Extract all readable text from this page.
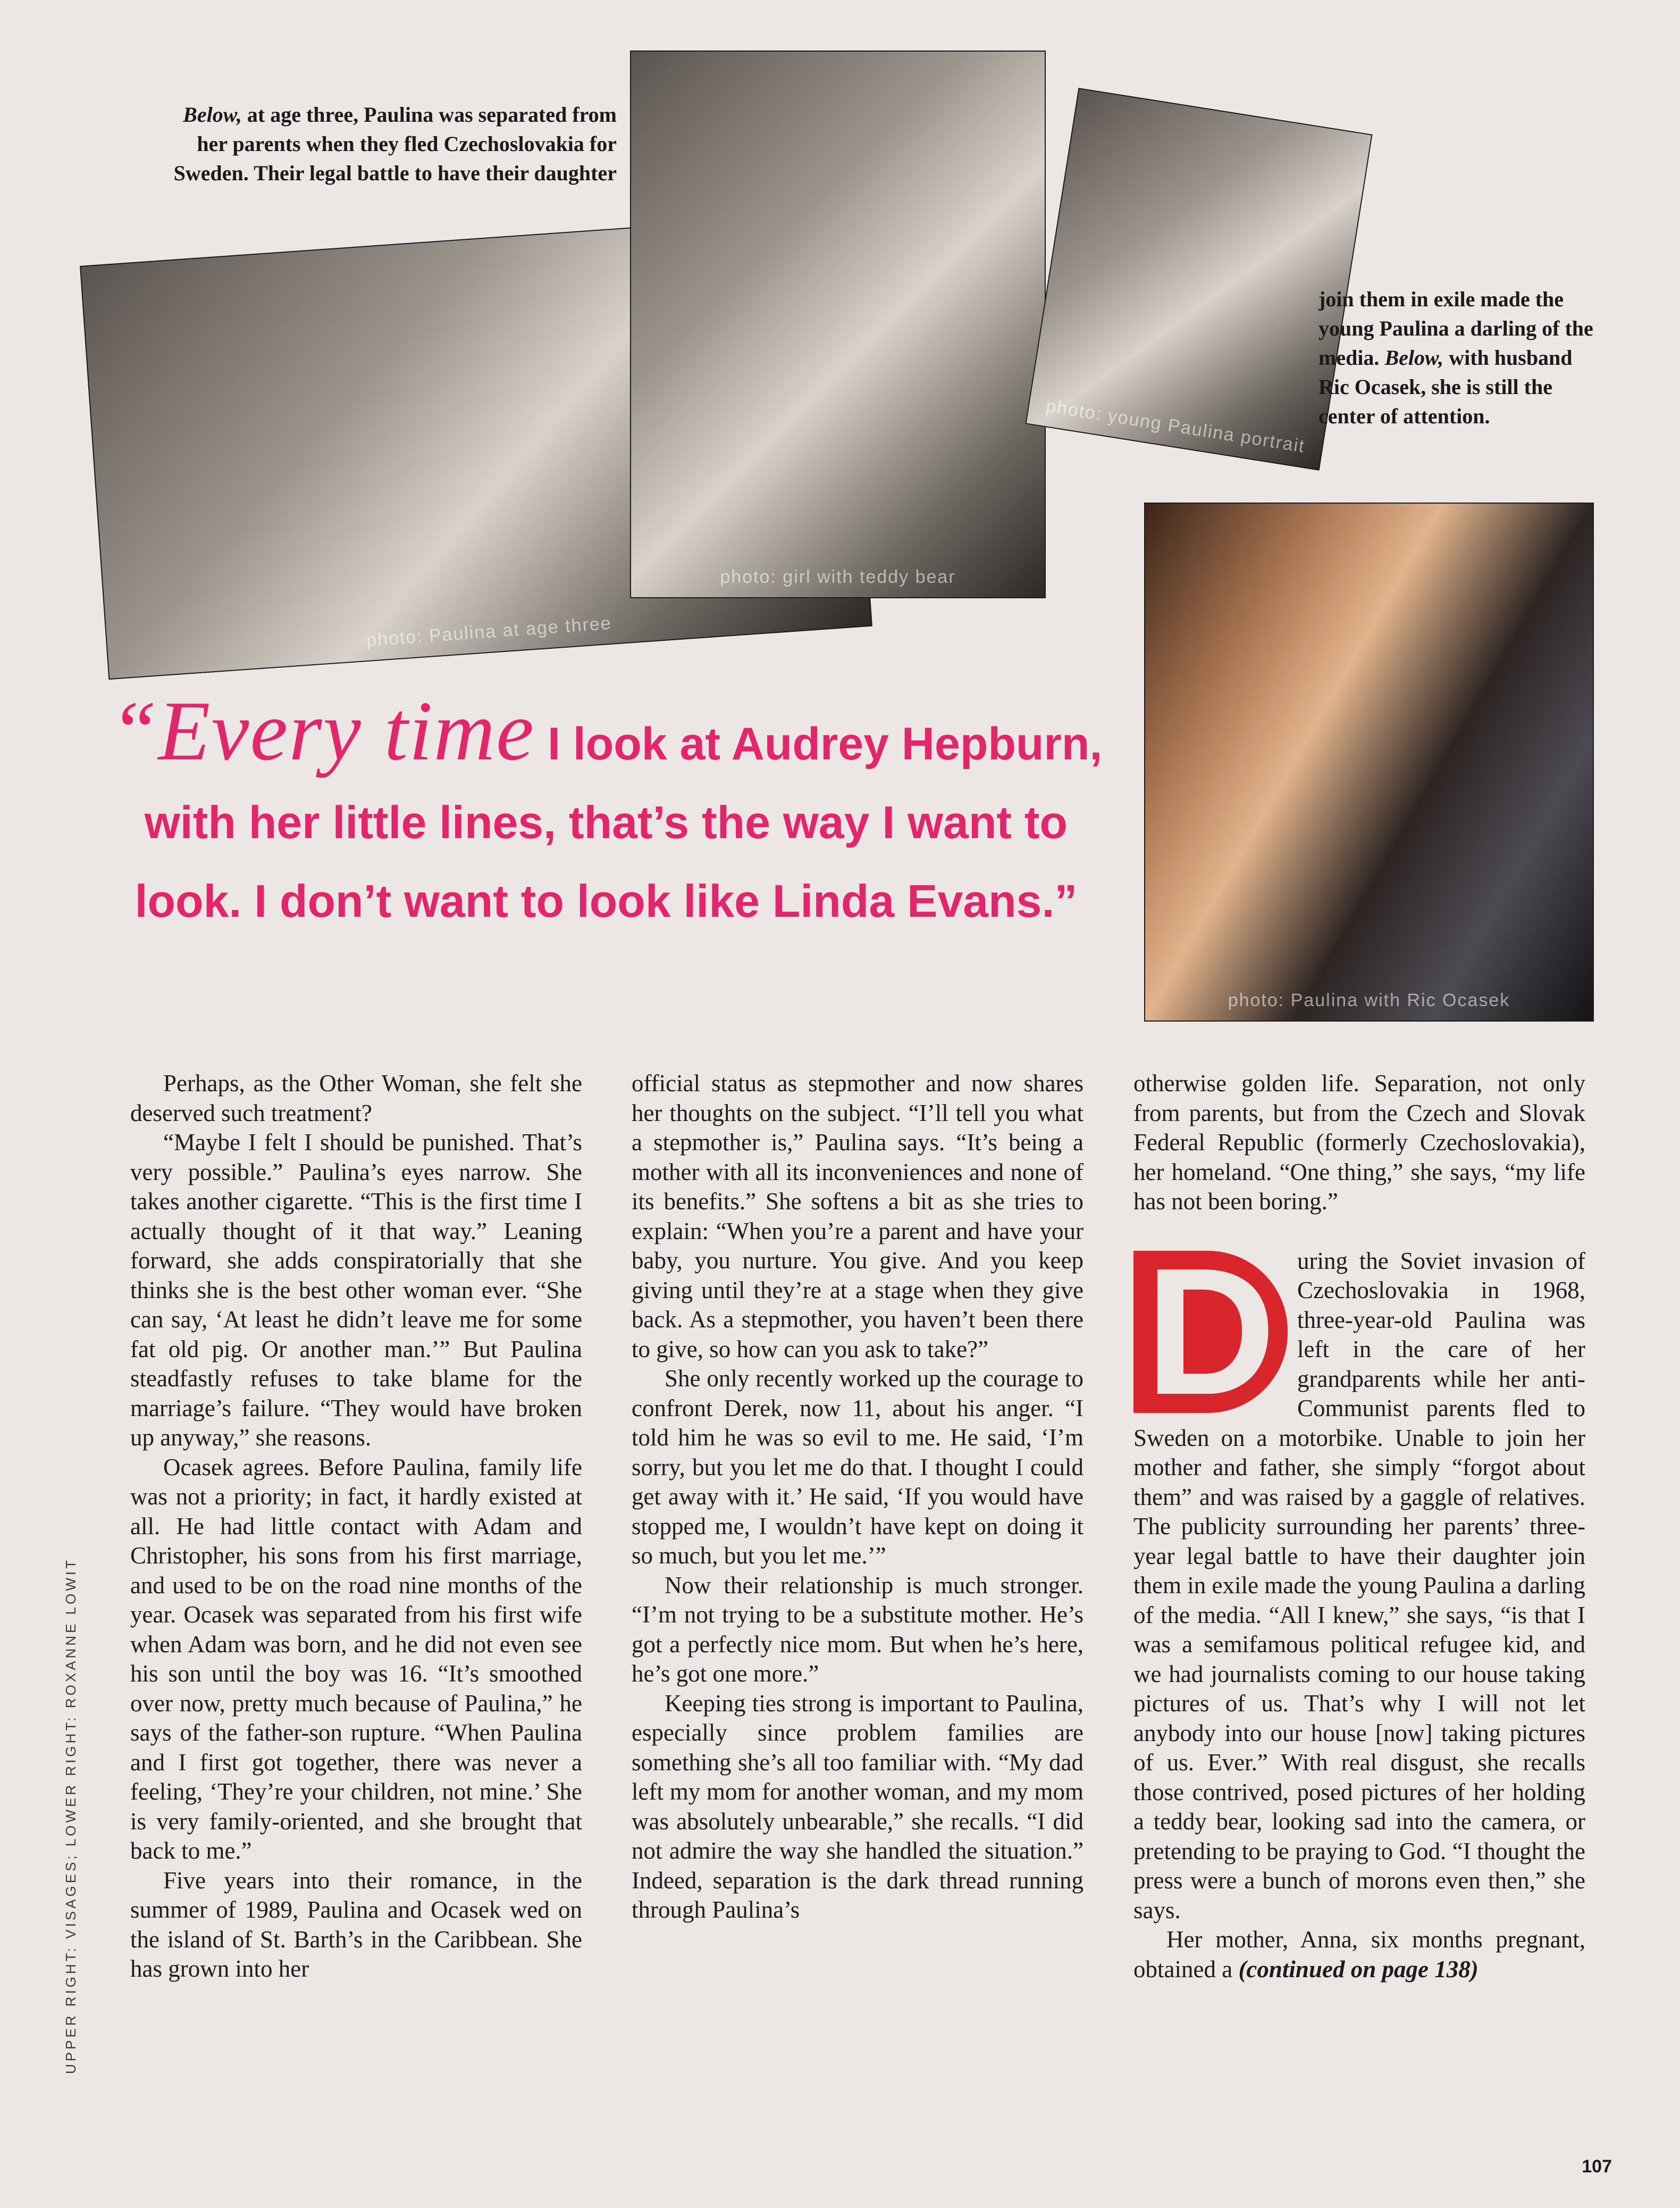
Below, at age three, Paulina was separated from her parents when they fled Czechoslovakia for Sweden. Their legal battle to have their daughter
photo: Paulina at age three
photo: girl with teddy bear
photo: young Paulina portrait
join them in exile made the young Paulina a darling of the media. Below, with husband Ric Ocasek, she is still the center of attention.
photo: Paulina with Ric Ocasek
“Every time I look at Audrey Hepburn, with her little lines, that’s the way I want to look. I don’t want to look like Linda Evans.”

Perhaps, as the Other Woman, she felt she deserved such treatment?

“Maybe I felt I should be punished. That’s very possible.” Paulina’s eyes narrow. She takes another cigarette. “This is the first time I actually thought of it that way.” Leaning forward, she adds conspiratorially that she thinks she is the best other woman ever. “She can say, ‘At least he didn’t leave me for some fat old pig. Or another man.’” But Paulina steadfastly refuses to take blame for the marriage’s failure. “They would have broken up anyway,” she reasons.

Ocasek agrees. Before Paulina, family life was not a priority; in fact, it hardly existed at all. He had little contact with Adam and Christopher, his sons from his first marriage, and used to be on the road nine months of the year. Ocasek was separated from his first wife when Adam was born, and he did not even see his son until the boy was 16. “It’s smoothed over now, pretty much because of Paulina,” he says of the father-son rupture. “When Paulina and I first got together, there was never a feeling, ‘They’re your children, not mine.’ She is very family-oriented, and she brought that back to me.”

Five years into their romance, in the summer of 1989, Paulina and Ocasek wed on the island of St. Barth’s in the Caribbean. She has grown into her

official status as stepmother and now shares her thoughts on the subject. “I’ll tell you what a stepmother is,” Paulina says. “It’s being a mother with all its inconveniences and none of its benefits.” She softens a bit as she tries to explain: “When you’re a parent and have your baby, you nurture. You give. And you keep giving until they’re at a stage when they give back. As a stepmother, you haven’t been there to give, so how can you ask to take?”

She only recently worked up the courage to confront Derek, now 11, about his anger. “I told him he was so evil to me. He said, ‘I’m sorry, but you let me do that. I thought I could get away with it.’ He said, ‘If you would have stopped me, I wouldn’t have kept on doing it so much, but you let me.’”

Now their relationship is much stronger. “I’m not trying to be a substitute mother. He’s got a perfectly nice mom. But when he’s here, he’s got one more.”

Keeping ties strong is important to Paulina, especially since problem families are something she’s all too familiar with. “My dad left my mom for another woman, and my mom was absolutely unbearable,” she recalls. “I did not admire the way she handled the situation.” Indeed, separation is the dark thread running through Paulina’s

otherwise golden life. Separation, not only from parents, but from the Czech and Slovak Federal Republic (formerly Czechoslovakia), her homeland. “One thing,” she says, “my life has not been boring.”

D uring the Soviet invasion of Czechoslovakia in 1968, three-year-old Paulina was left in the care of her grandparents while her anti-Communist parents fled to Sweden on a motorbike. Unable to join her mother and father, she simply “forgot about them” and was raised by a gaggle of relatives. The publicity surrounding her parents’ three-year legal battle to have their daughter join them in exile made the young Paulina a darling of the media. “All I knew,” she says, “is that I was a semifamous political refugee kid, and we had journalists coming to our house taking pictures of us. That’s why I will not let anybody into our house [now] taking pictures of us. Ever.” With real disgust, she recalls those contrived, posed pictures of her holding a teddy bear, looking sad into the camera, or pretending to be praying to God. “I thought the press were a bunch of morons even then,” she says.

Her mother, Anna, six months pregnant, obtained a (continued on page 138)

UPPER RIGHT: VISAGES; LOWER RIGHT: ROXANNE LOWIT
107
